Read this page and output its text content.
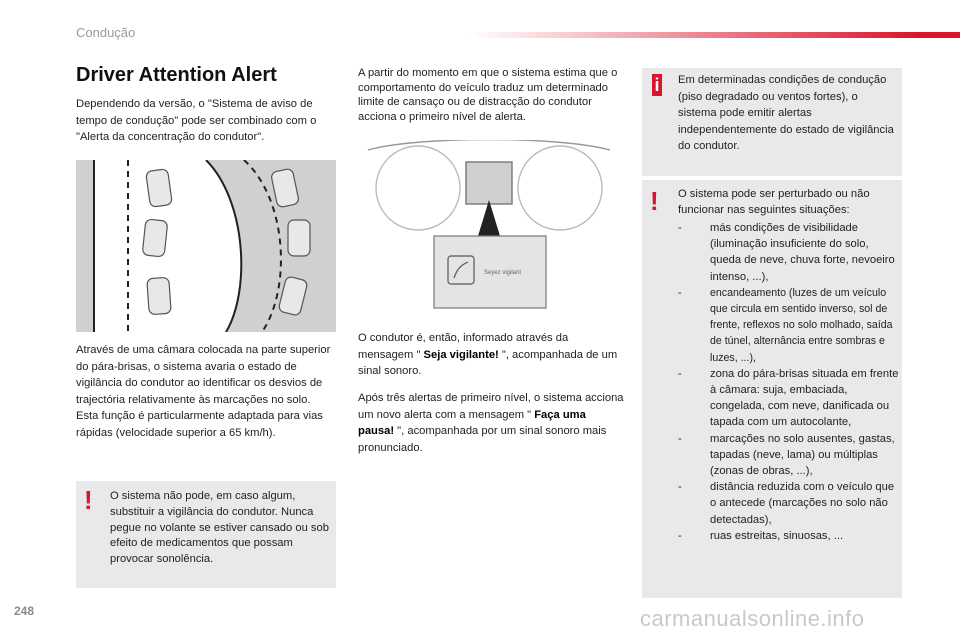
Condução
Driver Attention Alert

Dependendo da versão, o "Sistema de aviso de tempo de condução" pode ser combinado com o "Alerta da concentração do condutor".

Através de uma câmara colocada na parte superior do pára-brisas, o sistema avaria o estado de vigilância do condutor ao identificar os desvios de trajectória relativamente às marcações no solo.

Esta função é particularmente adaptada para vias rápidas (velocidade superior a 65 km/h).

! O sistema não pode, em caso algum, substituir a vigilância do condutor. Nunca pegue no volante se estiver cansado ou sob efeito de medicamentos que possam provocar sonolência.

A partir do momento em que o sistema estima que o comportamento do veículo traduz um determinado limite de cansaço ou de distracção do condutor acciona o primeiro nível de alerta.

Seyez vigilant

O condutor é, então, informado através da mensagem " Seja vigilante! ", acompanhada de um sinal sonoro.

Após três alertas de primeiro nível, o sistema acciona um novo alerta com a mensagem " Faça uma pausa! ", acompanhada por um sinal sonoro mais pronunciado.

i Em determinadas condições de condução (piso degradado ou ventos fortes), o sistema pode emitir alertas independentemente do estado de vigilância do condutor.

! O sistema pode ser perturbado ou não funcionar nas seguintes situações:

- más condições de visibilidade (iluminação insuficiente do solo, queda de neve, chuva forte, nevoeiro intenso, ...),
- encandeamento (luzes de um veículo que circula em sentido inverso, sol de frente, reflexos no solo molhado, saída de túnel, alternância entre sombras e luzes, ...),
- zona do pára-brisas situada em frente à câmara: suja, embaciada, congelada, com neve, danificada ou tapada com um autocolante,
- marcações no solo ausentes, gastas, tapadas (neve, lama) ou múltiplas (zonas de obras, ...),
- distância reduzida com o veículo que o antecede (marcações no solo não detectadas),
- ruas estreitas, sinuosas, ...
248	carmanualsonline.info
